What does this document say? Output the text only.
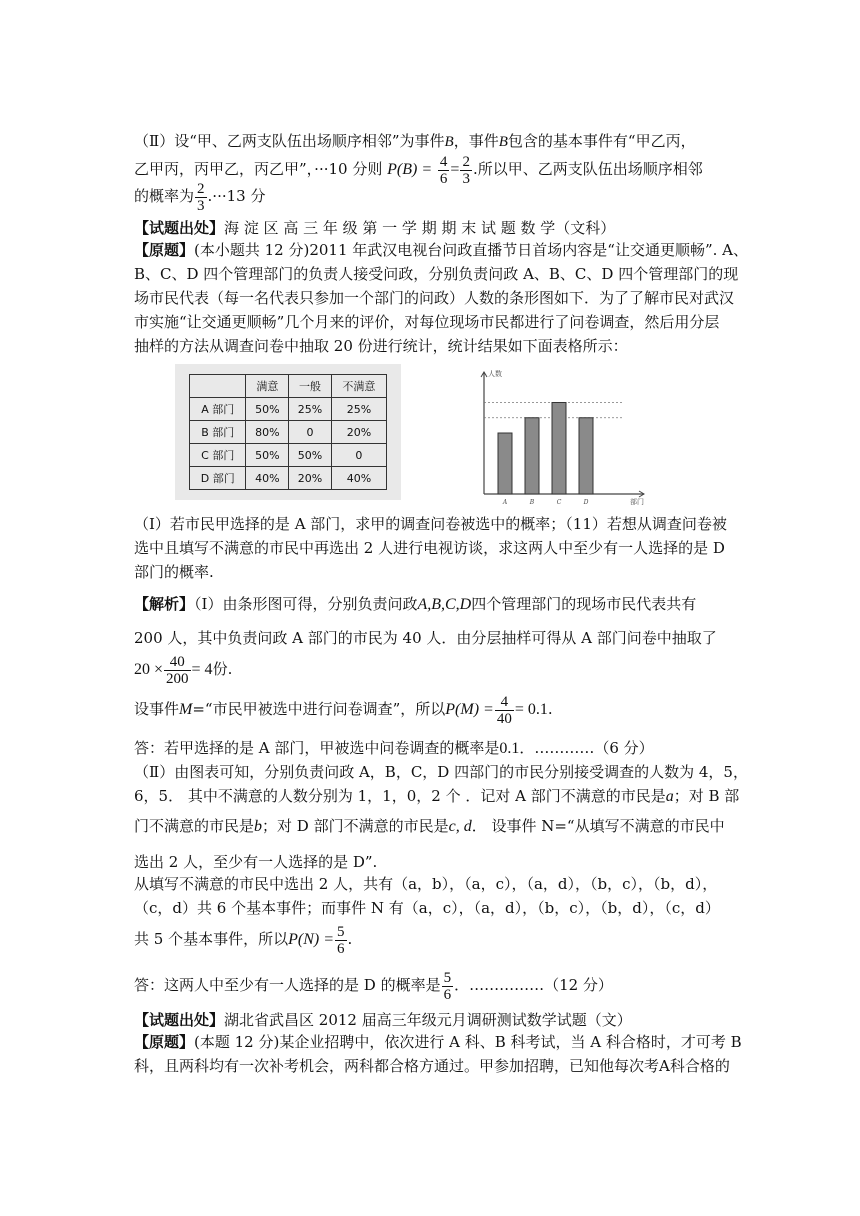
（Ⅱ）设“甲、乙两支队伍出场顺序相邻”为事件B，事件B包含的基本事件有“甲乙丙，
乙甲丙，丙甲乙，丙乙甲”，···10 分则 $P(B) = \frac{4}{6} = \frac{2}{3}$ .所以甲、乙两支队伍出场顺序相邻
的概率为 $\frac{2}{3} .\cdot\cdot\cdot 13$ 分
【试题出处】海 淀 区 高 三 年 级 第 一 学 期 期 末 试 题 数 学（文科）
【原题】(本小题共 12 分)2011 年武汉电视台问政直播节日首场内容是“让交通更顺畅”. A、
B、C、D 四个管理部门的负责人接受问政，分别负责问政 A、B、C、D 四个管理部门的现
场市民代表（每一名代表只参加一个部门的问政）人数的条形图如下．为了了解市民对武汉
市实施“让交通更顺畅”几个月来的评价，对每位现场市民都进行了问卷调查，然后用分层
抽样的方法从调查问卷中抽取 20 份进行统计，统计结果如下面表格所示：
	满意	一般	不满意
A 部门	50%	25%	25%
B 部门	80%	0	20%
C 部门	50%	50%	0
D 部门	40%	20%	40%
人数
部门
A	B	C	D
（I）若市民甲选择的是 A 部门，求甲的调查问卷被选中的概率；（11）若想从调查问卷被
选中且填写不满意的市民中再选出 2 人进行电视访谈，求这两人中至少有一人选择的是 D
部门的概率.
【解析】（Ⅰ）由条形图可得，分别负责问政A,B,C,D四个管理部门的现场市民代表共有
200 人，其中负责问政 A 部门的市民为 40 人．由分层抽样可得从 A 部门问卷中抽取了
$20 \times \frac{40}{200} = 4$份.
设事件M=“市民甲被选中进行问卷调查”，所以$P(M) = \frac{4}{40} = 0.1$.
答：若甲选择的是 A 部门，甲被选中问卷调查的概率是0.1．…………（6 分）
（Ⅱ）由图表可知，分别负责问政 A，B，C，D 四部门的市民分别接受调查的人数为 4，5，
6，5． 其中不满意的人数分别为 1，1，0，2 个 ．记对 A 部门不满意的市民是a；对 B 部
门不满意的市民是b；对 D 部门不满意的市民是c, d． 设事件 N=“从填写不满意的市民中
选出 2 人，至少有一人选择的是 D”.
从填写不满意的市民中选出 2 人，共有（a，b），（a，c），（a，d），（b，c），（b，d），
（c，d）共 6 个基本事件；而事件 N 有（a，c），（a，d），（b，c），（b，d），（c，d）
共 5 个基本事件，所以$P(N) = \frac{5}{6}$ .
答：这两人中至少有一人选择的是 D 的概率是 $\frac{5}{6}$ ．……………（12 分）
【试题出处】湖北省武昌区 2012 届高三年级元月调研测试数学试题（文）
【原题】(本题 12 分)某企业招聘中，依次进行 A 科、B 科考试，当 A 科合格时，才可考 B
科，且两科均有一次补考机会，两科都合格方通过。甲参加招聘，已知他每次考A科合格的
